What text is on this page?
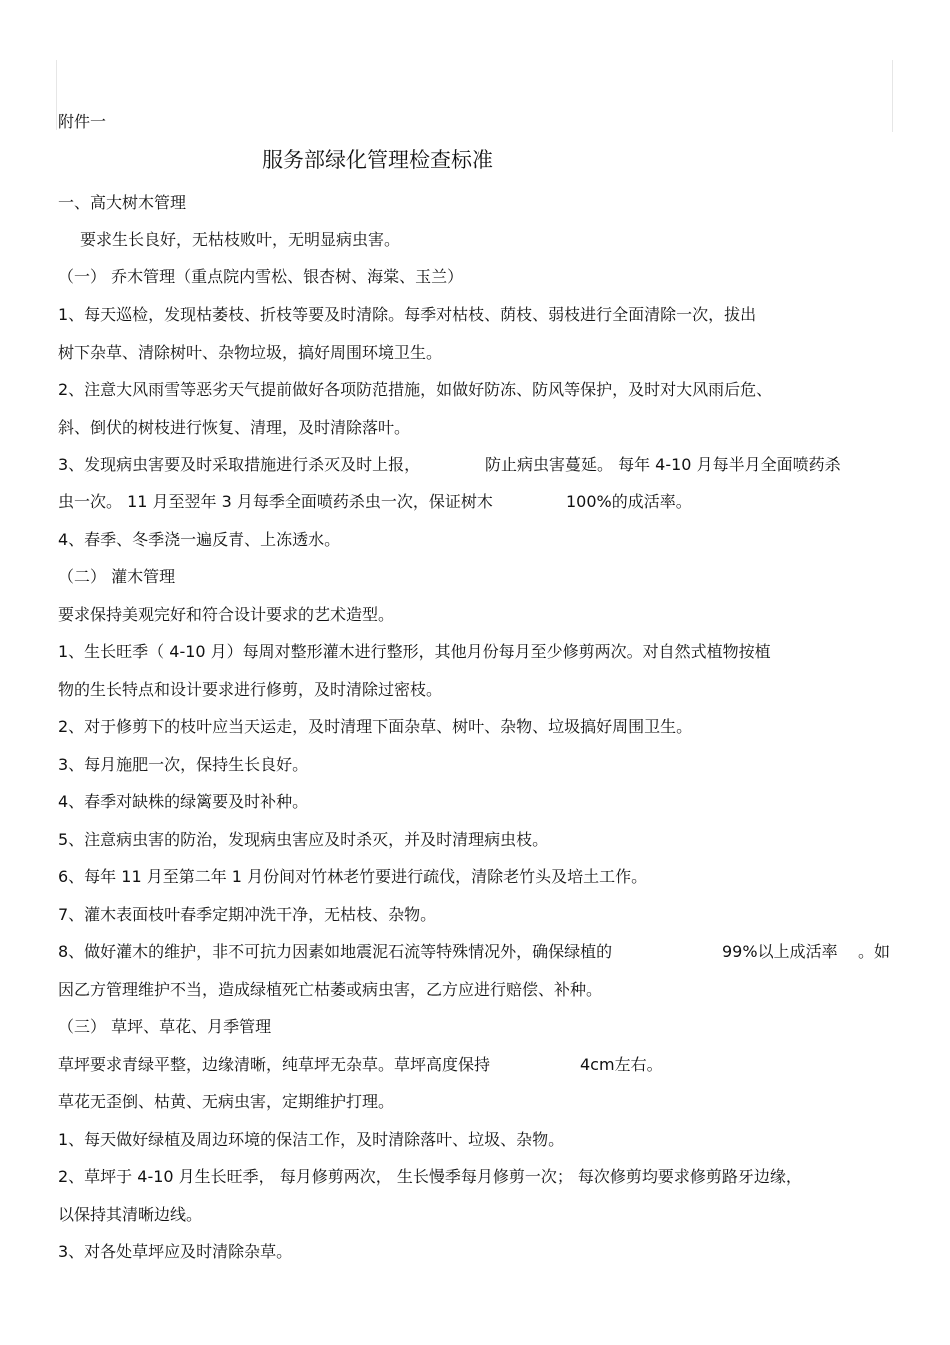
附件一
服务部绿化管理检查标准
一、高大树木管理
要求生长良好，无枯枝败叶，无明显病虫害。
（一） 乔木管理（重点院内雪松、银杏树、海棠、玉兰）
1、每天巡检，发现枯萎枝、折枝等要及时清除。每季对枯枝、荫枝、弱枝进行全面清除一次，拔出
树下杂草、清除树叶、杂物垃圾，搞好周围环境卫生。
2、注意大风雨雪等恶劣天气提前做好各项防范措施，如做好防冻、防风等保护，及时对大风雨后危、
斜、倒伏的树枝进行恢复、清理，及时清除落叶。
3、发现病虫害要及时采取措施进行杀灭及时上报，	防止病虫害蔓延。 每年 4-10 月每半月全面喷药杀
虫一次。 11 月至翌年 3 月每季全面喷药杀虫一次，保证树木	100%的成活率。
4、春季、冬季浇一遍反青、上冻透水。
（二） 灌木管理
要求保持美观完好和符合设计要求的艺术造型。
1、生长旺季（ 4-10 月）每周对整形灌木进行整形，其他月份每月至少修剪两次。对自然式植物按植
物的生长特点和设计要求进行修剪，及时清除过密枝。
2、对于修剪下的枝叶应当天运走，及时清理下面杂草、树叶、杂物、垃圾搞好周围卫生。
3、每月施肥一次，保持生长良好。
4、春季对缺株的绿篱要及时补种。
5、注意病虫害的防治，发现病虫害应及时杀灭，并及时清理病虫枝。
6、每年 11 月至第二年 1 月份间对竹林老竹要进行疏伐，清除老竹头及培土工作。
7、灌木表面枝叶春季定期冲洗干净，无枯枝、杂物。
8、做好灌木的维护，非不可抗力因素如地震泥石流等特殊情况外，确保绿植的	99%以上成活率 。如
因乙方管理维护不当，造成绿植死亡枯萎或病虫害，乙方应进行赔偿、补种。
（三） 草坪、草花、月季管理
草坪要求青绿平整，边缘清晰，纯草坪无杂草。草坪高度保持	4cm左右。
草花无歪倒、枯黄、无病虫害，定期维护打理。
1、每天做好绿植及周边环境的保洁工作，及时清除落叶、垃圾、杂物。
2、草坪于 4-10 月生长旺季， 每月修剪两次， 生长慢季每月修剪一次； 每次修剪均要求修剪路牙边缘，
以保持其清晰边线。
3、对各处草坪应及时清除杂草。
